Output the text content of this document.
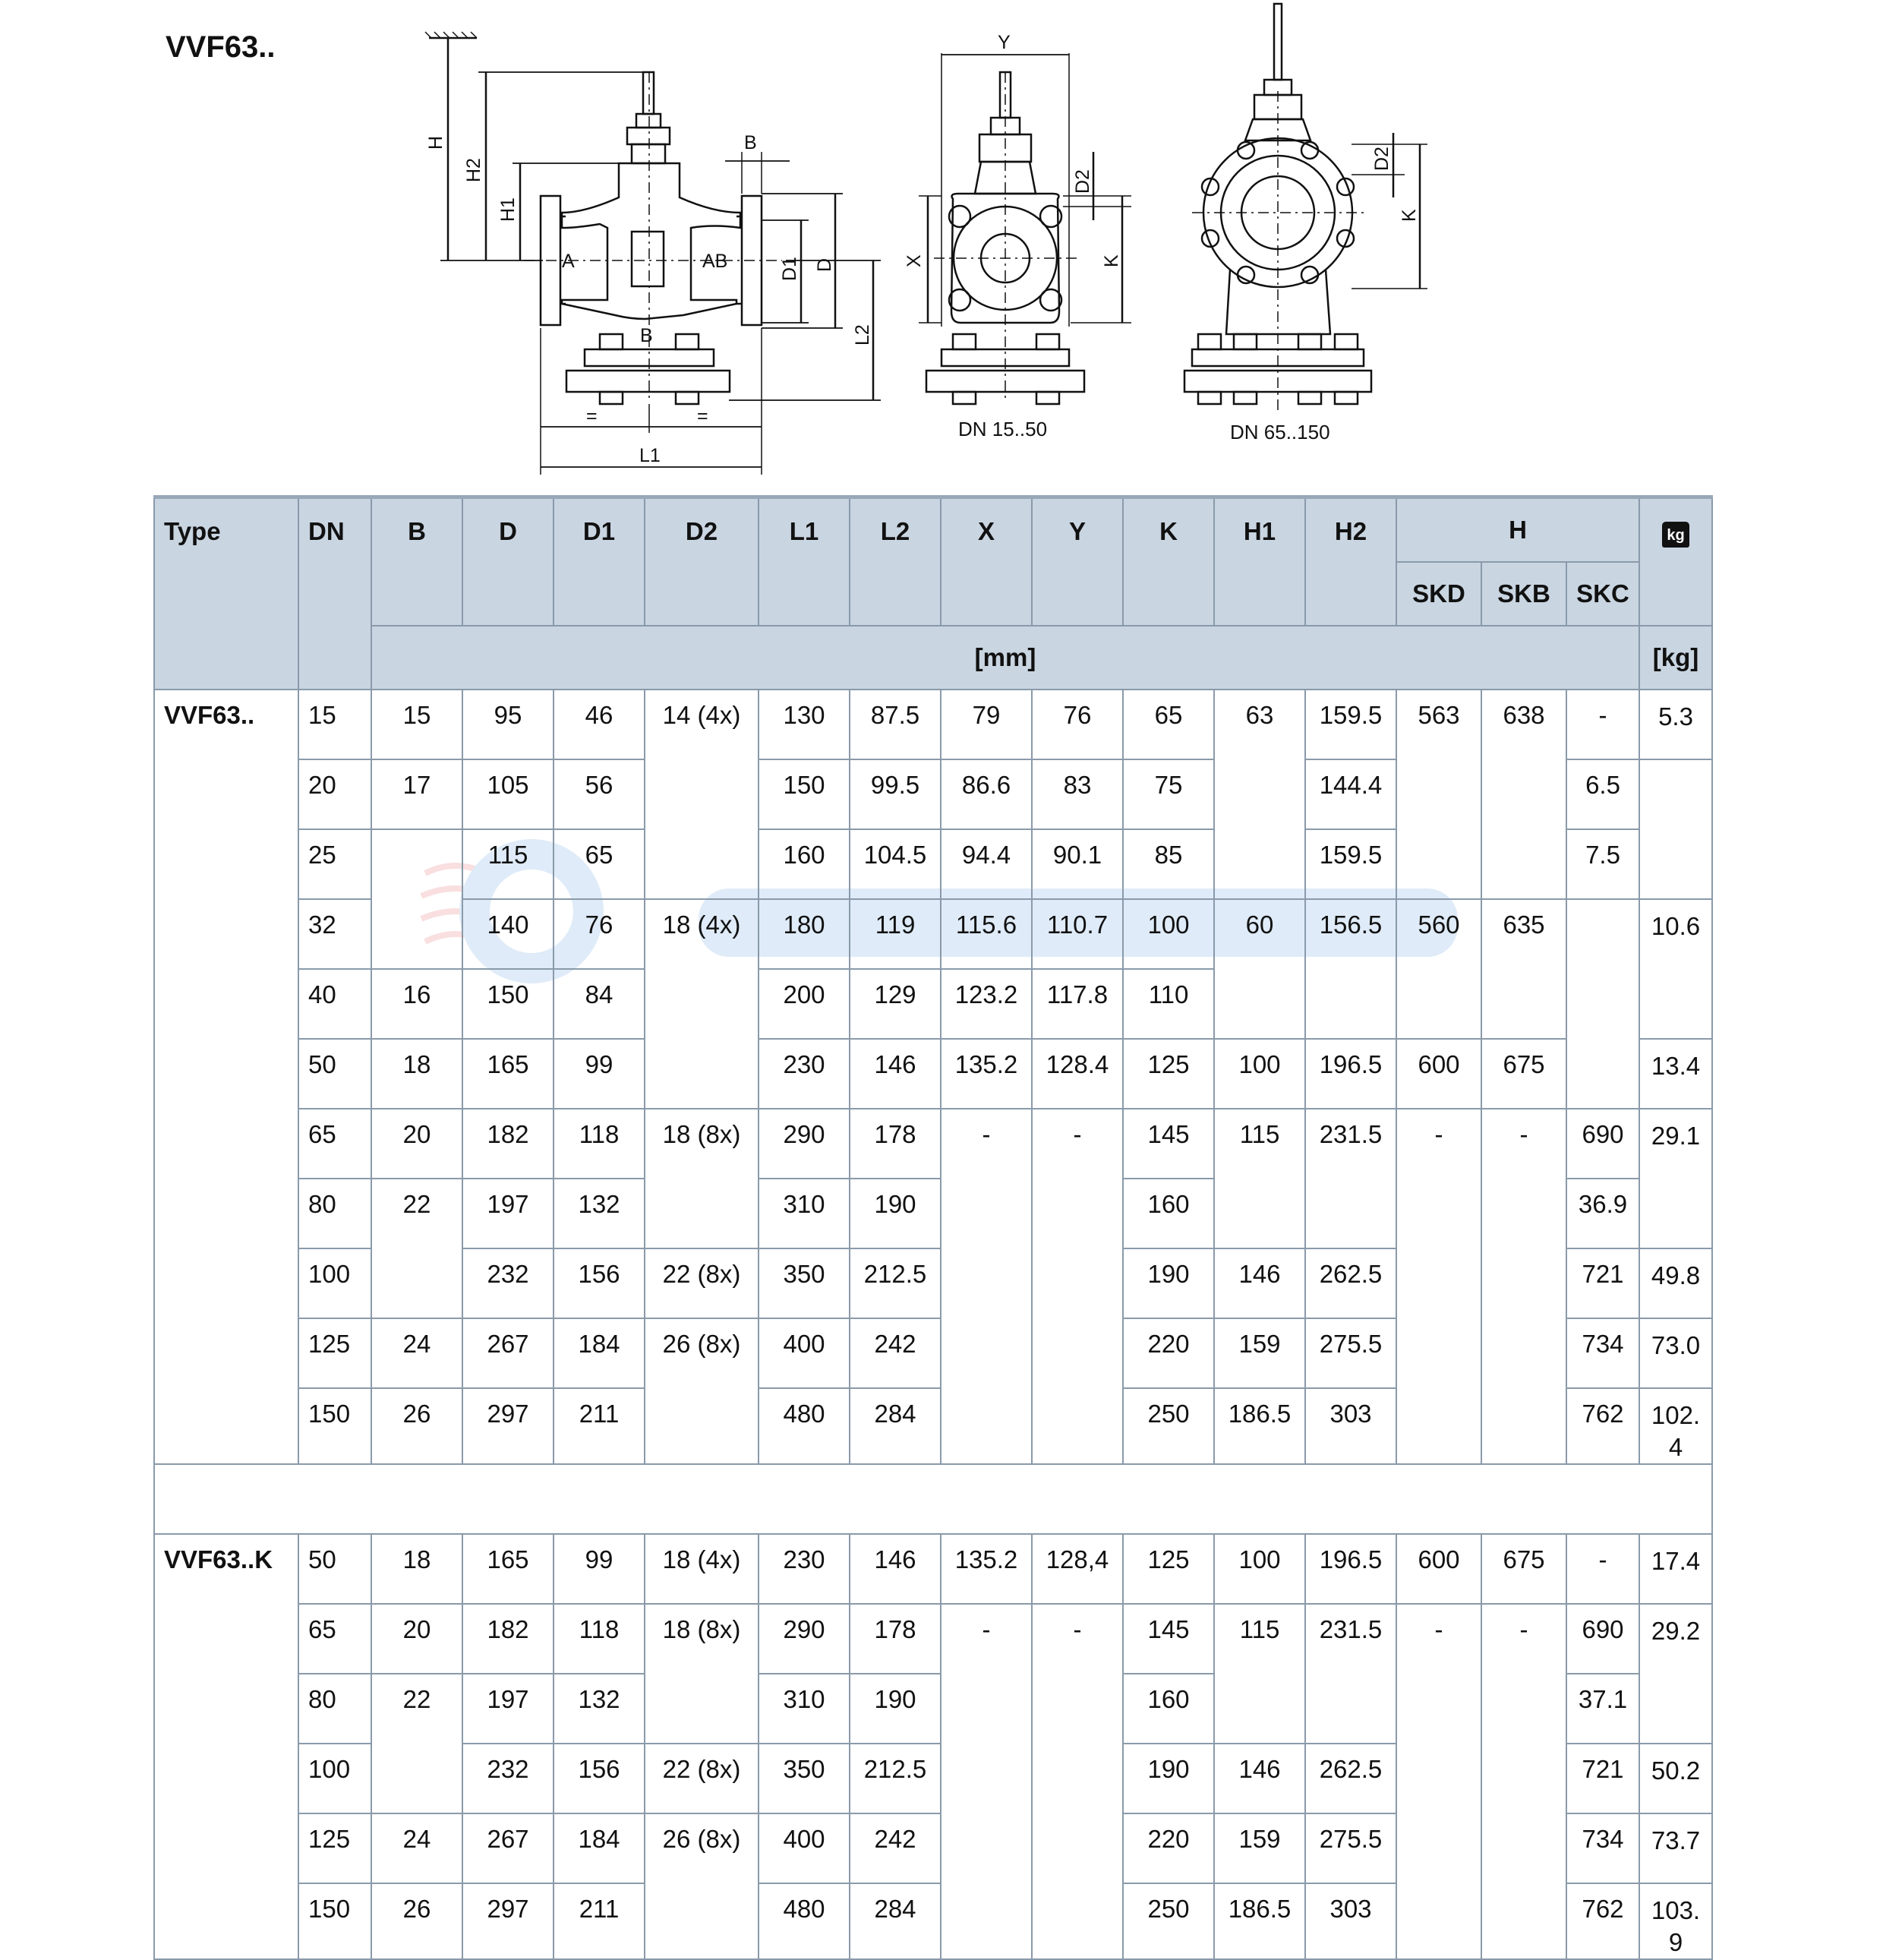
VVF63..
H
H2
H1
B
A	AB
B
D1 D
L2
=	=
L1
Y
X
D2
K
D2
K
DN 15..50	DN 65..150
Type	DN	B	D	D1	D2	L1	L2	X	Y	K	H1	H2	H			kg
													SKD	SKB	SKC	
		[mm]														[kg]
VVF63..	15	15	95	46	14 (4x)	130	87.5	79	76	65	63	159.5	563	638	-	5.3
	20	17	105	56		150	99.5	86.6	83	75		144.4			6.5	
	25		115	65		160	104.5	94.4	90.1	85		159.5			7.5	
	32		140	76	18 (4x)	180	119	115.6	110.7	100	60	156.5	560	635		10.6
	40	16	150	84		200	129	123.2	117.8	110						
	50	18	165	99		230	146	135.2	128.4	125	100	196.5	600	675		13.4
	65	20	182	118	18 (8x)	290	178	-	-	145	115	231.5	-	-	690	29.1
	80	22	197	132		310	190			160					36.9	
	100		232	156	22 (8x)	350	212.5			190	146	262.5			721	49.8
	125	24	267	184	26 (8x)	400	242			220	159	275.5			734	73.0
	150	26	297	211		480	284			250	186.5	303			762	102.
4

VVF63..K	50	18	165	99	18 (4x)	230	146	135.2	128,4	125	100	196.5	600	675	-	17.4
	65	20	182	118	18 (8x)	290	178	-	-	145	115	231.5	-	-	690	29.2
	80	22	197	132		310	190			160					37.1	
	100		232	156	22 (8x)	350	212.5			190	146	262.5			721	50.2
	125	24	267	184	26 (8x)	400	242			220	159	275.5			734	73.7
	150	26	297	211		480	284			250	186.5	303			762	103.
9
